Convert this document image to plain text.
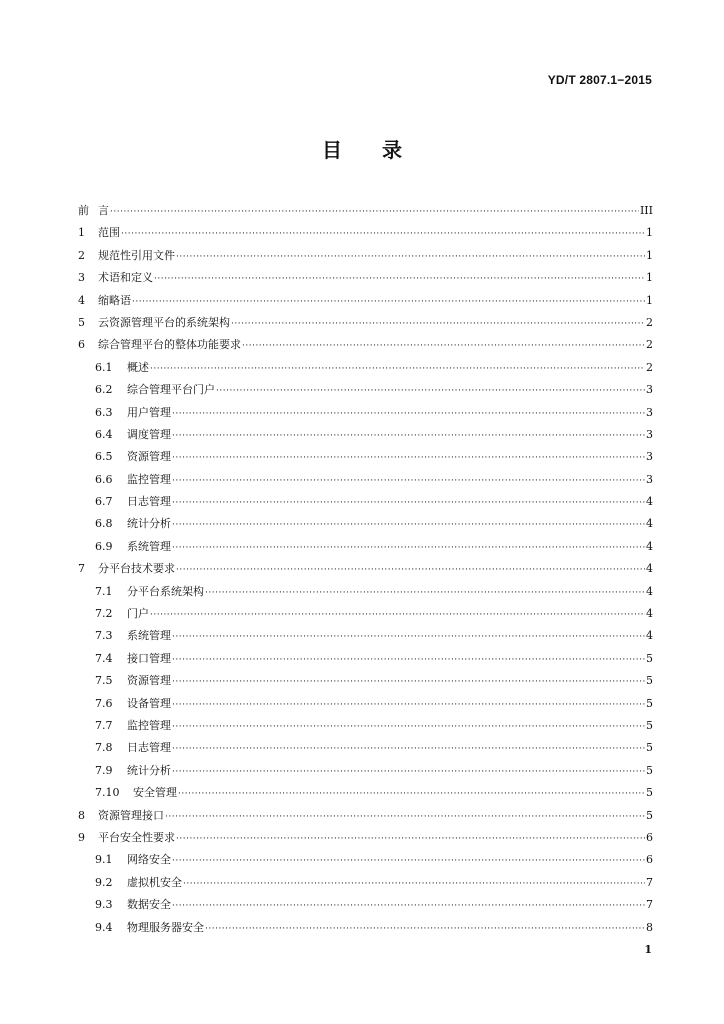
YD/T 2807.1−2015
目 录
前 言 ·····	III
1	范围 ·····	1
2	规范性引用文件 ·····	1
3	术语和定义 ·····	1
4	缩略语 ·····	1
5	云资源管理平台的系统架构 ·····	2
6	综合管理平台的整体功能要求 ·····	2
6.1	概述 ·····	2
6.2	综合管理平台门户 ·····	3
6.3	用户管理 ·····	3
6.4	调度管理 ·····	3
6.5	资源管理 ·····	3
6.6	监控管理 ·····	3
6.7	日志管理 ·····	4
6.8	统计分析 ·····	4
6.9	系统管理 ·····	4
7	分平台技术要求 ·····	4
7.1	分平台系统架构 ·····	4
7.2	门户 ·····	4
7.3	系统管理 ·····	4
7.4	接口管理 ·····	5
7.5	资源管理 ·····	5
7.6	设备管理 ·····	5
7.7	监控管理 ·····	5
7.8	日志管理 ·····	5
7.9	统计分析 ·····	5
7.10	安全管理 ·····	5
8	资源管理接口 ·····	5
9	平台安全性要求 ·····	6
9.1	网络安全 ·····	6
9.2	虚拟机安全 ·····	7
9.3	数据安全 ·····	7
9.4	物理服务器安全 ·····	8
1
